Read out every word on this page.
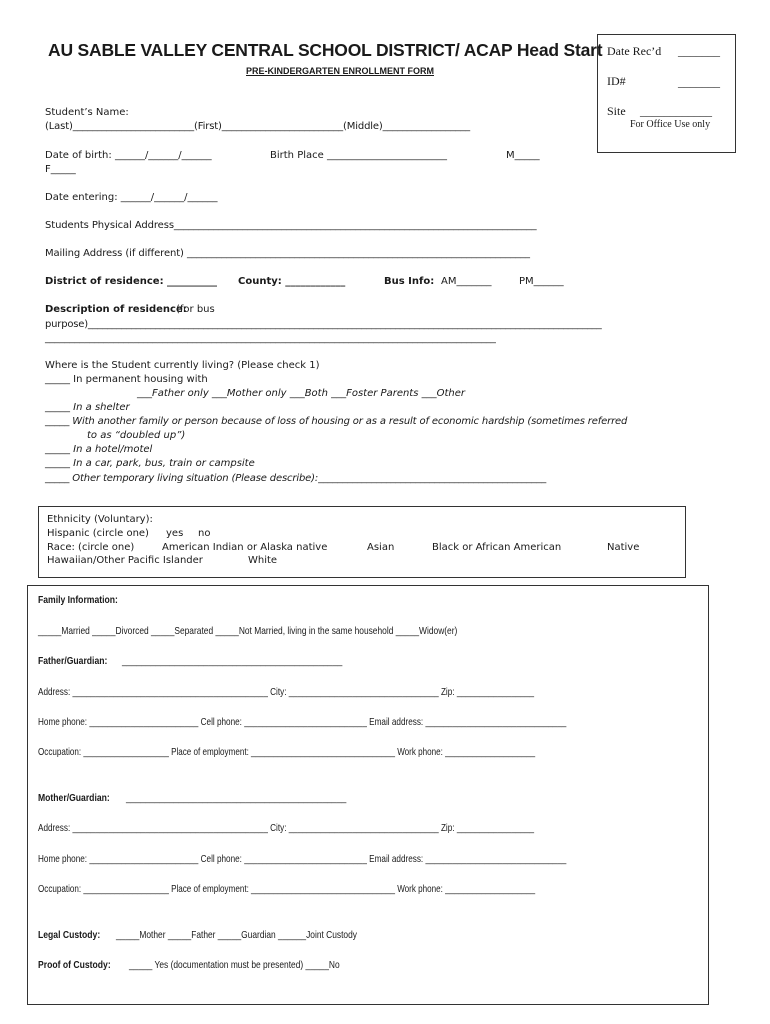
AU SABLE VALLEY CENTRAL SCHOOL DISTRICT/ ACAP Head Start
PRE-KINDERGARTEN ENROLLMENT FORM
Date Rec’d _______
ID#	_______
Site ____________
For Office Use only
Student’s Name:
(Last)_________________________(First)_________________________(Middle)__________________
Date of birth: ______/______/______	Birth Place ________________________	M_____
F_____
Date entering: ______/______/______
Students Physical Address__________________________________________________________________________
Mailing Address (if different) ______________________________________________________________________
District of residence: __________ County: ____________	Bus Info: AM_______	PM______
Description of residence:
(for bus
purpose)___________________________________________________________________________________________________________
____________________________________________________________________________________________
Where is the Student currently living? (Please check 1)
_____ In permanent housing with
___Father only ___Mother only ___Both ___Foster Parents ___Other
_____ In a shelter
_____ With another family or person because of loss of housing or as a result of economic hardship (sometimes referred
to as “doubled up”)
_____ In a hotel/motel
_____ In a car, park, bus, train or campsite
_____ Other temporary living situation (Please describe):_______________________________________________
Ethnicity (Voluntary):
Hispanic (circle one) yes no
Race: (circle one)	American Indian or Alaska native	Asian	Black or African American	Native
Hawaiian/Other Pacific Islander	White
Family Information:
_____Married _____Divorced _____Separated _____Not Married, living in the same household _____Widow(er)
Father/Guardian: ______________________________________________
Address: ___________________________________________ City: _________________________________ Zip: _________________
Home phone: ________________________ Cell phone: ___________________________ Email address: _______________________________
Occupation: ___________________ Place of employment: ________________________________ Work phone: ____________________
Mother/Guardian: ______________________________________________
Address: ___________________________________________ City: _________________________________ Zip: _________________
Home phone: ________________________ Cell phone: ___________________________ Email address: _______________________________
Occupation: ___________________ Place of employment: ________________________________ Work phone: ____________________
Legal Custody: _____Mother _____Father _____Guardian ______Joint Custody
Proof of Custody: _____ Yes (documentation must be presented) _____No
